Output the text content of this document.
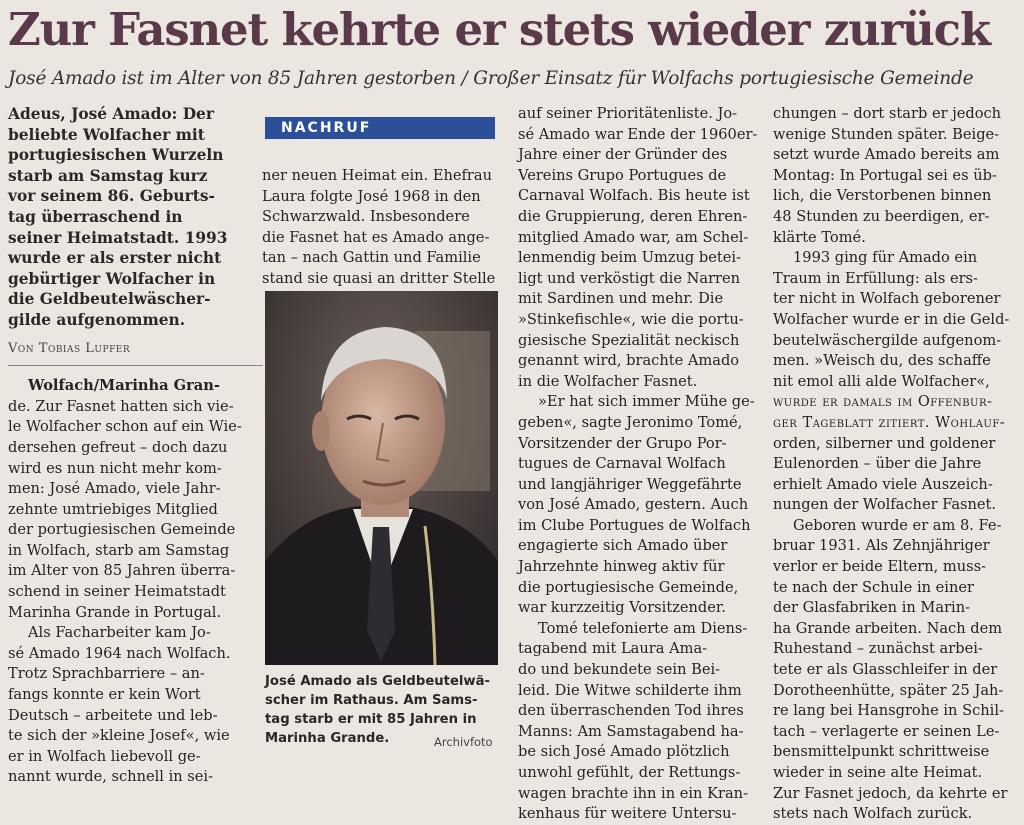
Zur Fasnet kehrte er stets wieder zurück

José Amado ist im Alter von 85 Jahren gestorben / Großer Einsatz für Wolfachs portugiesische Gemeinde

Adeus, José Amado: Der

beliebte Wolfacher mit

portugiesischen Wurzeln

starb am Samstag kurz

vor seinem 86. Geburts-

tag überraschend in

seiner Heimatstadt. 1993

wurde er als erster nicht

gebürtiger Wolfacher in

die Geldbeutelwäscher-

gilde aufgenommen.

Von Tobias Lupfer

Wolfach/Marinha Gran-

de. Zur Fasnet hatten sich vie-

le Wolfacher schon auf ein Wie-

dersehen gefreut – doch dazu

wird es nun nicht mehr kom-

men: José Amado, viele Jahr-

zehnte umtriebiges Mitglied

der portugiesischen Gemeinde

in Wolfach, starb am Samstag

im Alter von 85 Jahren überra-

schend in seiner Heimatstadt

Marinha Grande in Portugal.

Als Facharbeiter kam Jo-

sé Amado 1964 nach Wolfach.

Trotz Sprachbarriere – an-

fangs konnte er kein Wort

Deutsch – arbeitete und leb-

te sich der »kleine Josef«, wie

er in Wolfach liebevoll ge-

nannt wurde, schnell in sei-

NACHRUF

ner neuen Heimat ein. Ehefrau

Laura folgte José 1968 in den

Schwarzwald. Insbesondere

die Fasnet hat es Amado ange-

tan – nach Gattin und Familie

stand sie quasi an dritter Stelle

José Amado als Geldbeutelwä-

scher im Rathaus. Am Sams-

tag starb er mit 85 Jahren in

Marinha Grande.	Archivfoto

auf seiner Prioritätenliste. Jo-

sé Amado war Ende der 1960er-

Jahre einer der Gründer des

Vereins Grupo Portugues de

Carnaval Wolfach. Bis heute ist

die Gruppierung, deren Ehren-

mitglied Amado war, am Schel-

lenmendig beim Umzug betei-

ligt und verköstigt die Narren

mit Sardinen und mehr. Die

»Stinkefischle«, wie die portu-

giesische Spezialität neckisch

genannt wird, brachte Amado

in die Wolfacher Fasnet.

»Er hat sich immer Mühe ge-

geben«, sagte Jeronimo Tomé,

Vorsitzender der Grupo Por-

tugues de Carnaval Wolfach

und langjähriger Weggefährte

von José Amado, gestern. Auch

im Clube Portugues de Wolfach

engagierte sich Amado über

Jahrzehnte hinweg aktiv für

die portugiesische Gemeinde,

war kurzzeitig Vorsitzender.

Tomé telefonierte am Diens-

tagabend mit Laura Ama-

do und bekundete sein Bei-

leid. Die Witwe schilderte ihm

den überraschenden Tod ihres

Manns: Am Samstagabend ha-

be sich José Amado plötzlich

unwohl gefühlt, der Rettungs-

wagen brachte ihn in ein Kran-

kenhaus für weitere Untersu-

chungen – dort starb er jedoch

wenige Stunden später. Beige-

setzt wurde Amado bereits am

Montag: In Portugal sei es üb-

lich, die Verstorbenen binnen

48 Stunden zu beerdigen, er-

klärte Tomé.

1993 ging für Amado ein

Traum in Erfüllung: als ers-

ter nicht in Wolfach geborener

Wolfacher wurde er in die Geld-

beutelwäschergilde aufgenom-

men. »Weisch du, des schaffe

nit emol alli alde Wolfacher«,

wurde er damals im Offenbur-

ger Tageblatt zitiert. Wohlauf-

orden, silberner und goldener

Eulenorden – über die Jahre

erhielt Amado viele Auszeich-

nungen der Wolfacher Fasnet.

Geboren wurde er am 8. Fe-

bruar 1931. Als Zehnjähriger

verlor er beide Eltern, muss-

te nach der Schule in einer

der Glasfabriken in Marin-

ha Grande arbeiten. Nach dem

Ruhestand – zunächst arbei-

tete er als Glasschleifer in der

Dorotheenhütte, später 25 Jah-

re lang bei Hansgrohe in Schil-

tach – verlagerte er seinen Le-

bensmittelpunkt schrittweise

wieder in seine alte Heimat.

Zur Fasnet jedoch, da kehrte er

stets nach Wolfach zurück.
